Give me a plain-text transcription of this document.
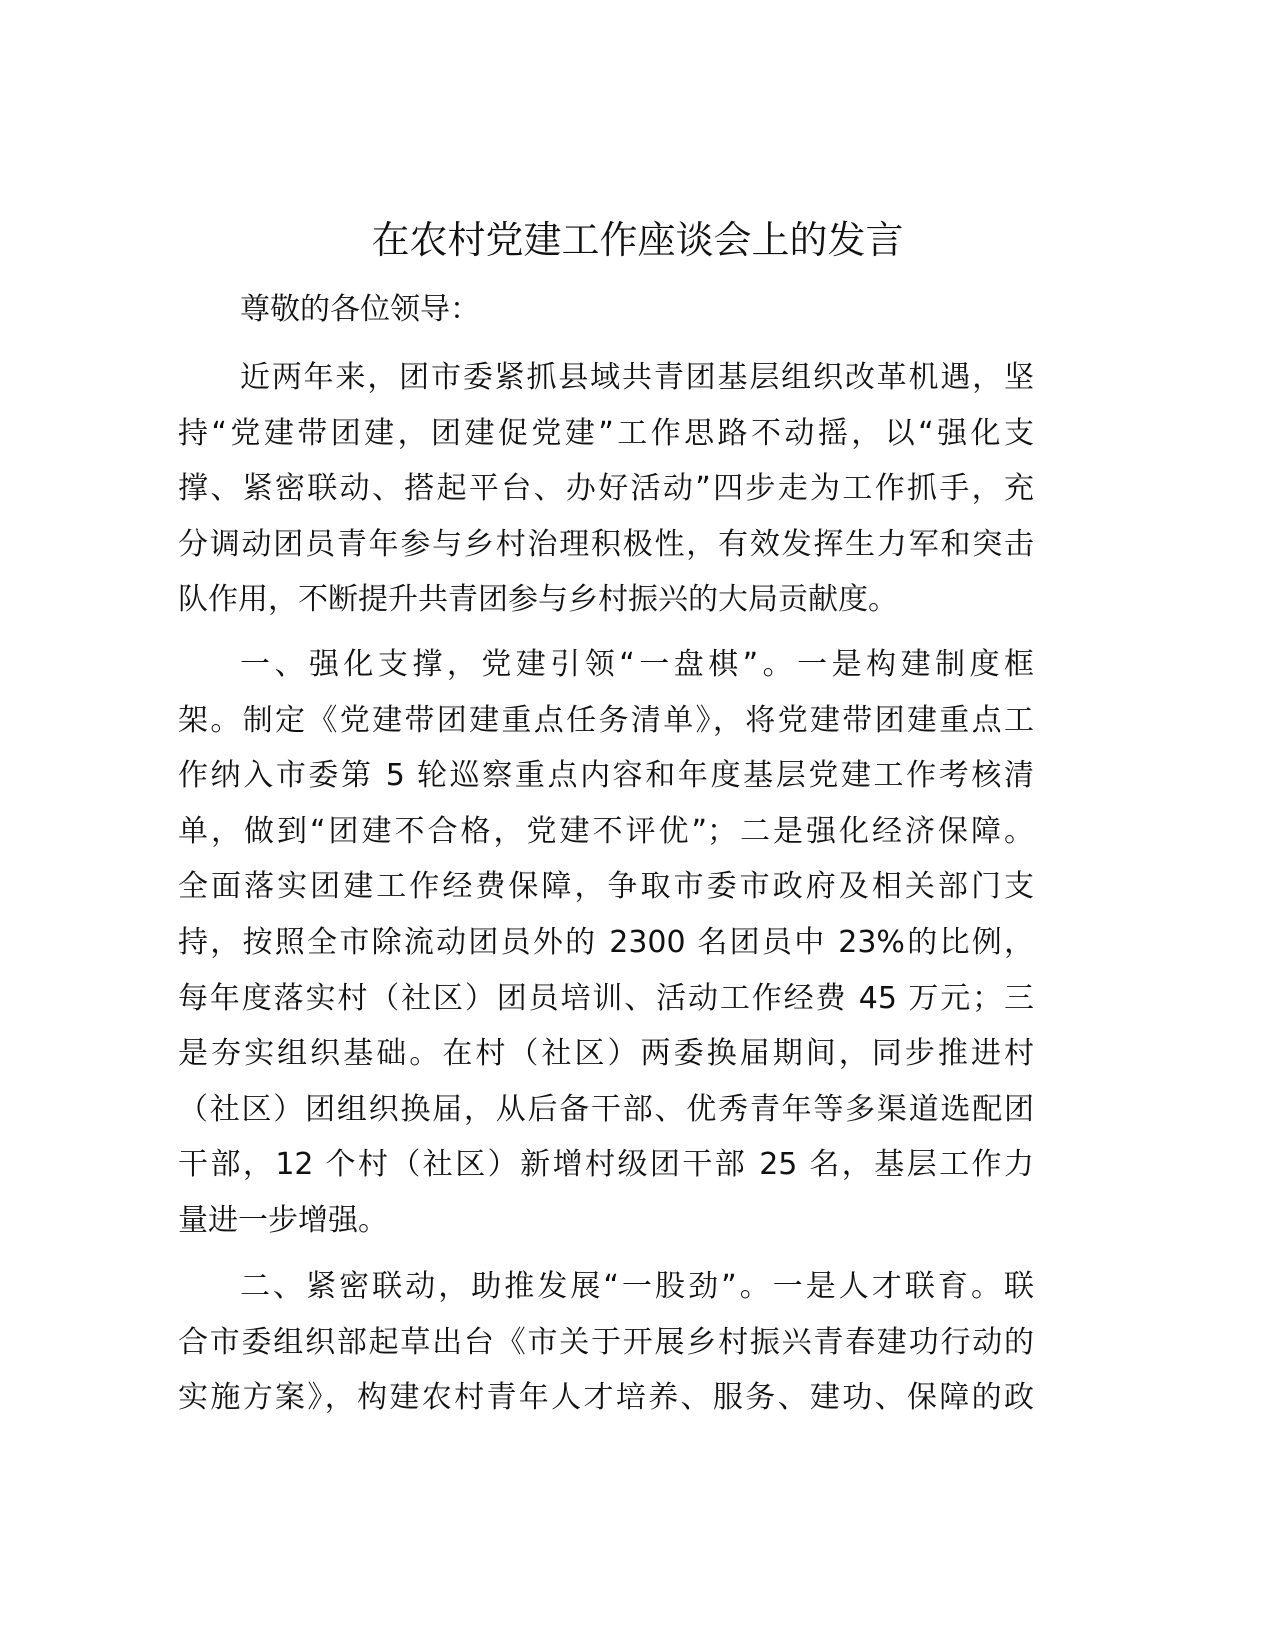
在农村党建工作座谈会上的发言
尊敬的各位领导：
近两年来，团市委紧抓县域共青团基层组织改革机遇，坚
持“党建带团建，团建促党建”工作思路不动摇，以“强化支
撑、紧密联动、搭起平台、办好活动”四步走为工作抓手，充
分调动团员青年参与乡村治理积极性，有效发挥生力军和突击
队作用，不断提升共青团参与乡村振兴的大局贡献度。
一、强化支撑，党建引领“一盘棋”。一是构建制度框
架。制定《党建带团建重点任务清单》，将党建带团建重点工
作纳入市委第 5 轮巡察重点内容和年度基层党建工作考核清
单，做到“团建不合格，党建不评优”；二是强化经济保障。
全面落实团建工作经费保障，争取市委市政府及相关部门支
持，按照全市除流动团员外的 2300 名团员中 23%的比例，
每年度落实村（社区）团员培训、活动工作经费 45 万元；三
是夯实组织基础。在村（社区）两委换届期间，同步推进村
（社区）团组织换届，从后备干部、优秀青年等多渠道选配团
干部，12 个村（社区）新增村级团干部 25 名，基层工作力
量进一步增强。
二、紧密联动，助推发展“一股劲”。一是人才联育。联
合市委组织部起草出台《市关于开展乡村振兴青春建功行动的
实施方案》，构建农村青年人才培养、服务、建功、保障的政
